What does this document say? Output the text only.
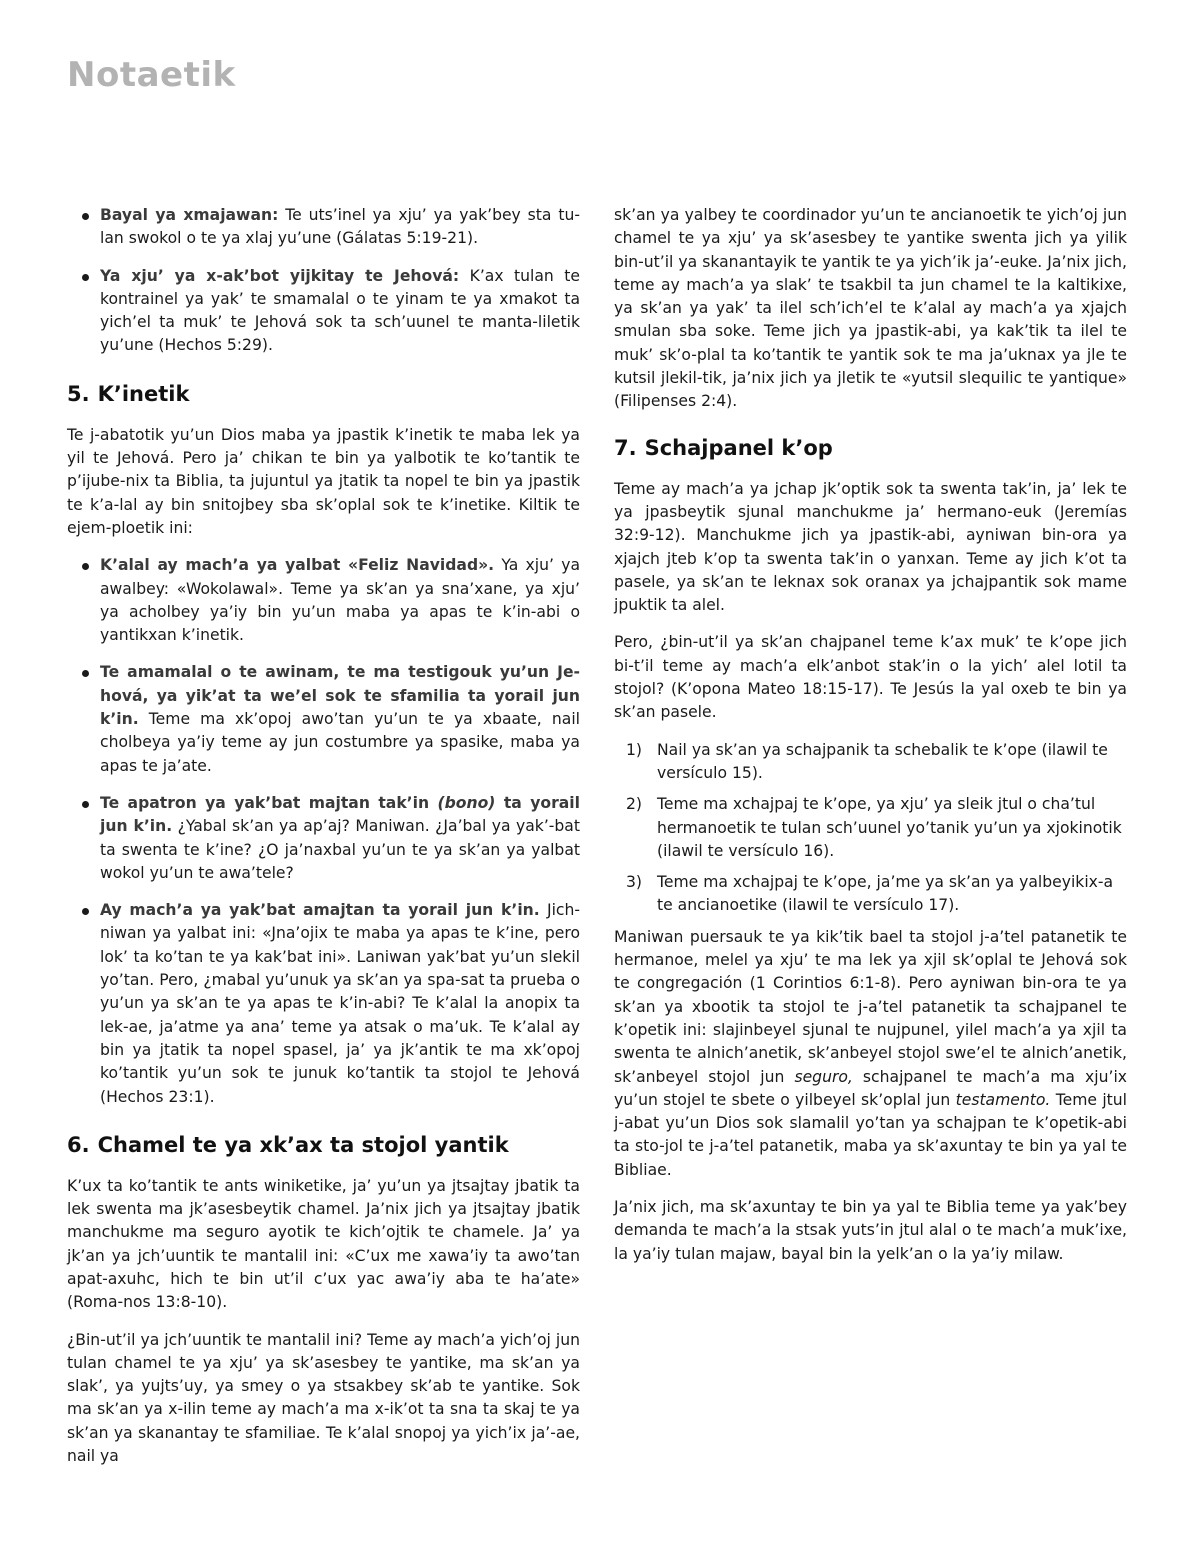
Notaetik
Bayal ya xmajawan: Te uts’inel ya xju’ ya yak’bey sta tu-lan swokol o te ya xlaj yu’une (Gálatas 5:19-21).
Ya xju’ ya x-ak’bot yijkitay te Jehová: K’ax tulan te kontrainel ya yak’ te smamalal o te yinam te ya xmakot ta yich’el ta muk’ te Jehová sok ta sch’uunel te manta-liletik yu’une (Hechos 5:29).
5. K’inetik

Te j-abatotik yu’un Dios maba ya jpastik k’inetik te maba lek ya yil te Jehová. Pero ja’ chikan te bin ya yalbotik te ko’tantik te p’ijube-nix ta Biblia, ta jujuntul ya jtatik ta nopel te bin ya jpastik te k’a-lal ay bin snitojbey sba sk’oplal sok te k’inetike. Kiltik te ejem-ploetik ini:

K’alal ay mach’a ya yalbat «Feliz Navidad». Ya xju’ ya awalbey: «Wokolawal». Teme ya sk’an ya sna’xane, ya xju’ ya acholbey ya’iy bin yu’un maba ya apas te k’in-abi o yantikxan k’inetik.
Te amamalal o te awinam, te ma testigouk yu’un Je-hová, ya yik’at ta we’el sok te sfamilia ta yorail jun k’in. Teme ma xk’opoj awo’tan yu’un te ya xbaate, nail cholbeya ya’iy teme ay jun costumbre ya spasike, maba ya apas te ja’ate.
Te apatron ya yak’bat majtan tak’in (bono) ta yorail jun k’in. ¿Yabal sk’an ya ap’aj? Maniwan. ¿Ja’bal ya yak’-bat ta swenta te k’ine? ¿O ja’naxbal yu’un te ya sk’an ya yalbat wokol yu’un te awa’tele?
Ay mach’a ya yak’bat amajtan ta yorail jun k’in. Jich-niwan ya yalbat ini: «Jna’ojix te maba ya apas te k’ine, pero lok’ ta ko’tan te ya kak’bat ini». Laniwan yak’bat yu’un slekil yo’tan. Pero, ¿mabal yu’unuk ya sk’an ya spa-sat ta prueba o yu’un ya sk’an te ya apas te k’in-abi? Te k’alal la anopix ta lek-ae, ja’atme ya ana’ teme ya atsak o ma’uk. Te k’alal ay bin ya jtatik ta nopel spasel, ja’ ya jk’antik te ma xk’opoj ko’tantik yu’un sok te junuk ko’tantik ta stojol te Jehová (Hechos 23:1).
6. Chamel te ya xk’ax ta stojol yantik

K’ux ta ko’tantik te ants winiketike, ja’ yu’un ya jtsajtay jbatik ta lek swenta ma jk’asesbeytik chamel. Ja’nix jich ya jtsajtay jbatik manchukme ma seguro ayotik te kich’ojtik te chamele. Ja’ ya jk’an ya jch’uuntik te mantalil ini: «C’ux me xawa’iy ta awo’tan apat-axuhc, hich te bin ut’il c’ux yac awa’iy aba te ha’ate» (Roma-nos 13:8-10).

¿Bin-ut’il ya jch’uuntik te mantalil ini? Teme ay mach’a yich’oj jun tulan chamel te ya xju’ ya sk’asesbey te yantike, ma sk’an ya slak’, ya yujts’uy, ya smey o ya stsakbey sk’ab te yantike. Sok ma sk’an ya x-ilin teme ay mach’a ma x-ik’ot ta sna ta skaj te ya sk’an ya skanantay te sfamiliae. Te k’alal snopoj ya yich’ix ja’-ae, nail ya

sk’an ya yalbey te coordinador yu’un te ancianoetik te yich’oj jun chamel te ya xju’ ya sk’asesbey te yantike swenta jich ya yilik bin-ut’il ya skanantayik te yantik te ya yich’ik ja’-euke. Ja’nix jich, teme ay mach’a ya slak’ te tsakbil ta jun chamel te la kaltikixe, ya sk’an ya yak’ ta ilel sch’ich’el te k’alal ay mach’a ya xjajch smulan sba soke. Teme jich ya jpastik-abi, ya kak’tik ta ilel te muk’ sk’o-plal ta ko’tantik te yantik sok te ma ja’uknax ya jle te kutsil jlekil-tik, ja’nix jich ya jletik te «yutsil slequilic te yantique» (Filipenses 2:4).

7. Schajpanel k’op

Teme ay mach’a ya jchap jk’optik sok ta swenta tak’in, ja’ lek te ya jpasbeytik sjunal manchukme ja’ hermano-euk (Jeremías 32:9-12). Manchukme jich ya jpastik-abi, ayniwan bin-ora ya xjajch jteb k’op ta swenta tak’in o yanxan. Teme ay jich k’ot ta pasele, ya sk’an te leknax sok oranax ya jchajpantik sok mame jpuktik ta alel.

Pero, ¿bin-ut’il ya sk’an chajpanel teme k’ax muk’ te k’ope jich bi-t’il teme ay mach’a elk’anbot stak’in o la yich’ alel lotil ta stojol? (K’opona Mateo 18:15-17). Te Jesús la yal oxeb te bin ya sk’an pasele.

1) Nail ya sk’an ya schajpanik ta schebalik te k’ope (ilawil te versículo 15).
2) Teme ma xchajpaj te k’ope, ya xju’ ya sleik jtul o cha’tul hermanoetik te tulan sch’uunel yo’tanik yu’un ya xjokinotik (ilawil te versículo 16).
3) Teme ma xchajpaj te k’ope, ja’me ya sk’an ya yalbeyikix-a te ancianoetike (ilawil te versículo 17).

Maniwan puersauk te ya kik’tik bael ta stojol j-a’tel patanetik te hermanoe, melel ya xju’ te ma lek ya xjil sk’oplal te Jehová sok te congregación (1 Corintios 6:1-8). Pero ayniwan bin-ora te ya sk’an ya xbootik ta stojol te j-a’tel patanetik ta schajpanel te k’opetik ini: slajinbeyel sjunal te nujpunel, yilel mach’a ya xjil ta swenta te alnich’anetik, sk’anbeyel stojol swe’el te alnich’anetik, sk’anbeyel stojol jun seguro, schajpanel te mach’a ma xju’ix yu’un stojel te sbete o yilbeyel sk’oplal jun testamento. Teme jtul j-abat yu’un Dios sok slamalil yo’tan ya schajpan te k’opetik-abi ta sto-jol te j-a’tel patanetik, maba ya sk’axuntay te bin ya yal te Bibliae.

Ja’nix jich, ma sk’axuntay te bin ya yal te Biblia teme ya yak’bey demanda te mach’a la stsak yuts’in jtul alal o te mach’a muk’ixe, la ya’iy tulan majaw, bayal bin la yelk’an o la ya’iy milaw.
